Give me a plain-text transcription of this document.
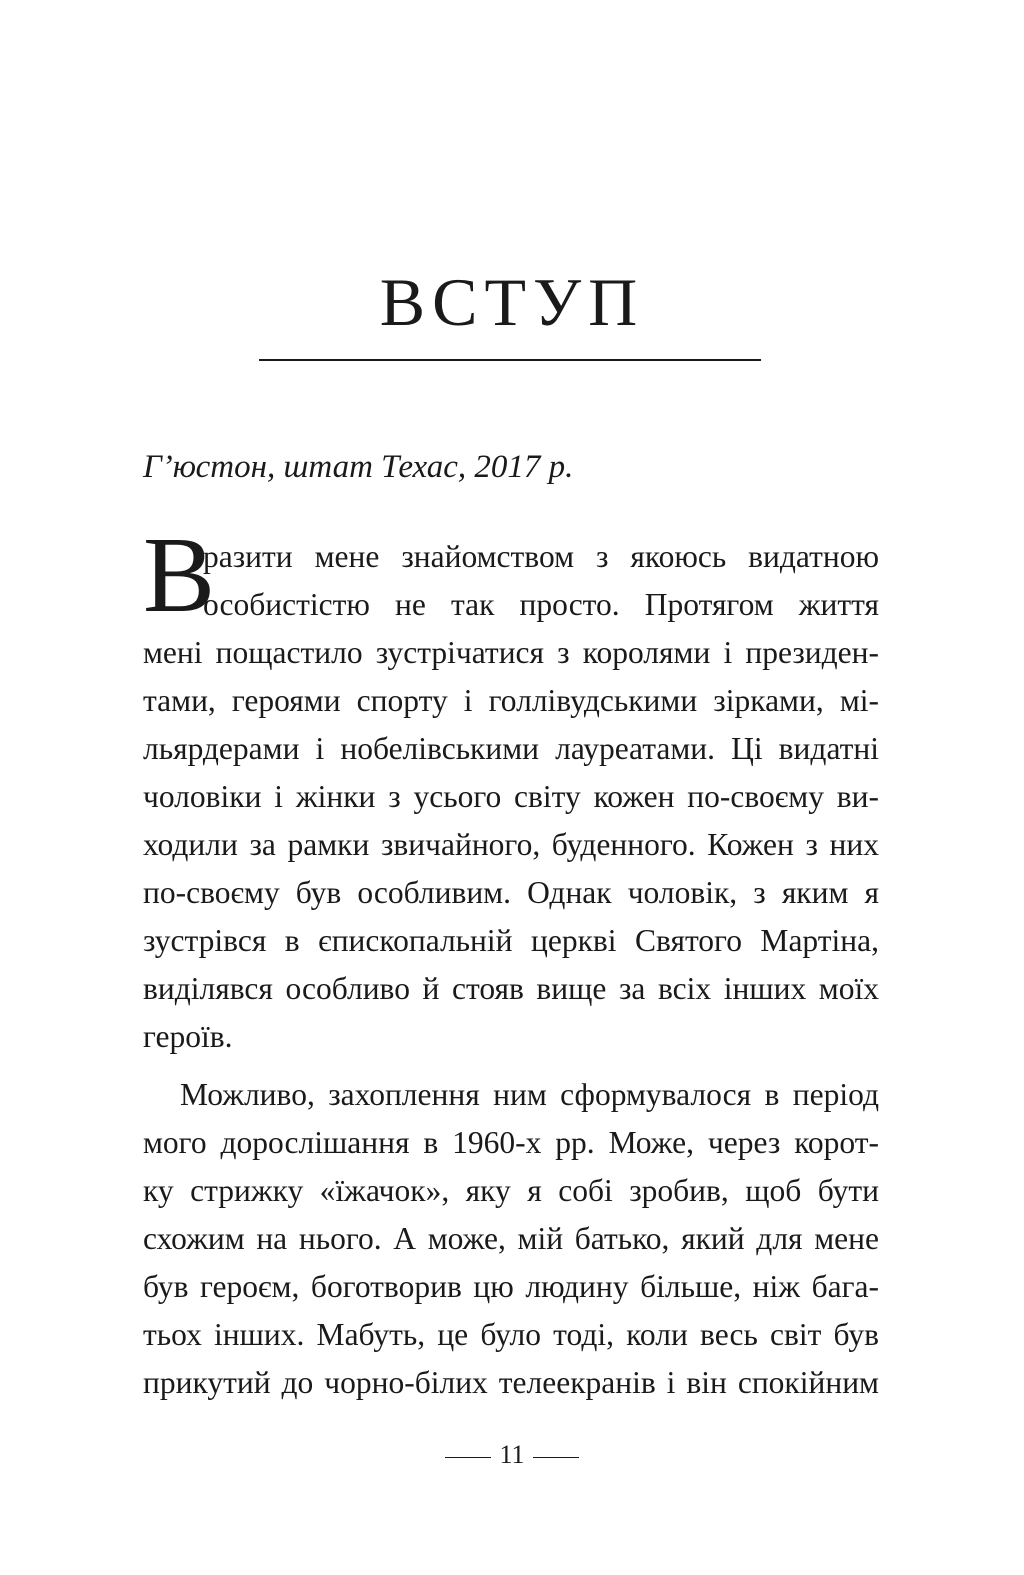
ВСТУП

Г’юстон, штат Техас, 2017 р.

В
разити мене знайомством з якоюсь видатною
особистістю не так просто. Протягом життя
мені пощастило зустрічатися з королями і президен-
тами, героями спорту і голлівудськими зірками, мі-
льярдерами і нобелівськими лауреатами. Ці видатні
чоловіки і жінки з усього світу кожен по-своєму ви-
ходили за рамки звичайного, буденного. Кожен з них
по-своєму був особливим. Однак чоловік, з яким я
зустрівся в єпископальній церкві Святого Мартіна,
виділявся особливо й стояв вище за всіх інших моїх
героїв.
Можливо, захоплення ним сформувалося в період
мого дорослішання в 1960-х рр. Може, через корот-
ку стрижку «їжачок», яку я собі зробив, щоб бути
схожим на нього. А може, мій батько, який для мене
був героєм, боготворив цю людину більше, ніж бага-
тьох інших. Мабуть, це було тоді, коли весь світ був
прикутий до чорно-білих телеекранів і він спокійним
11
